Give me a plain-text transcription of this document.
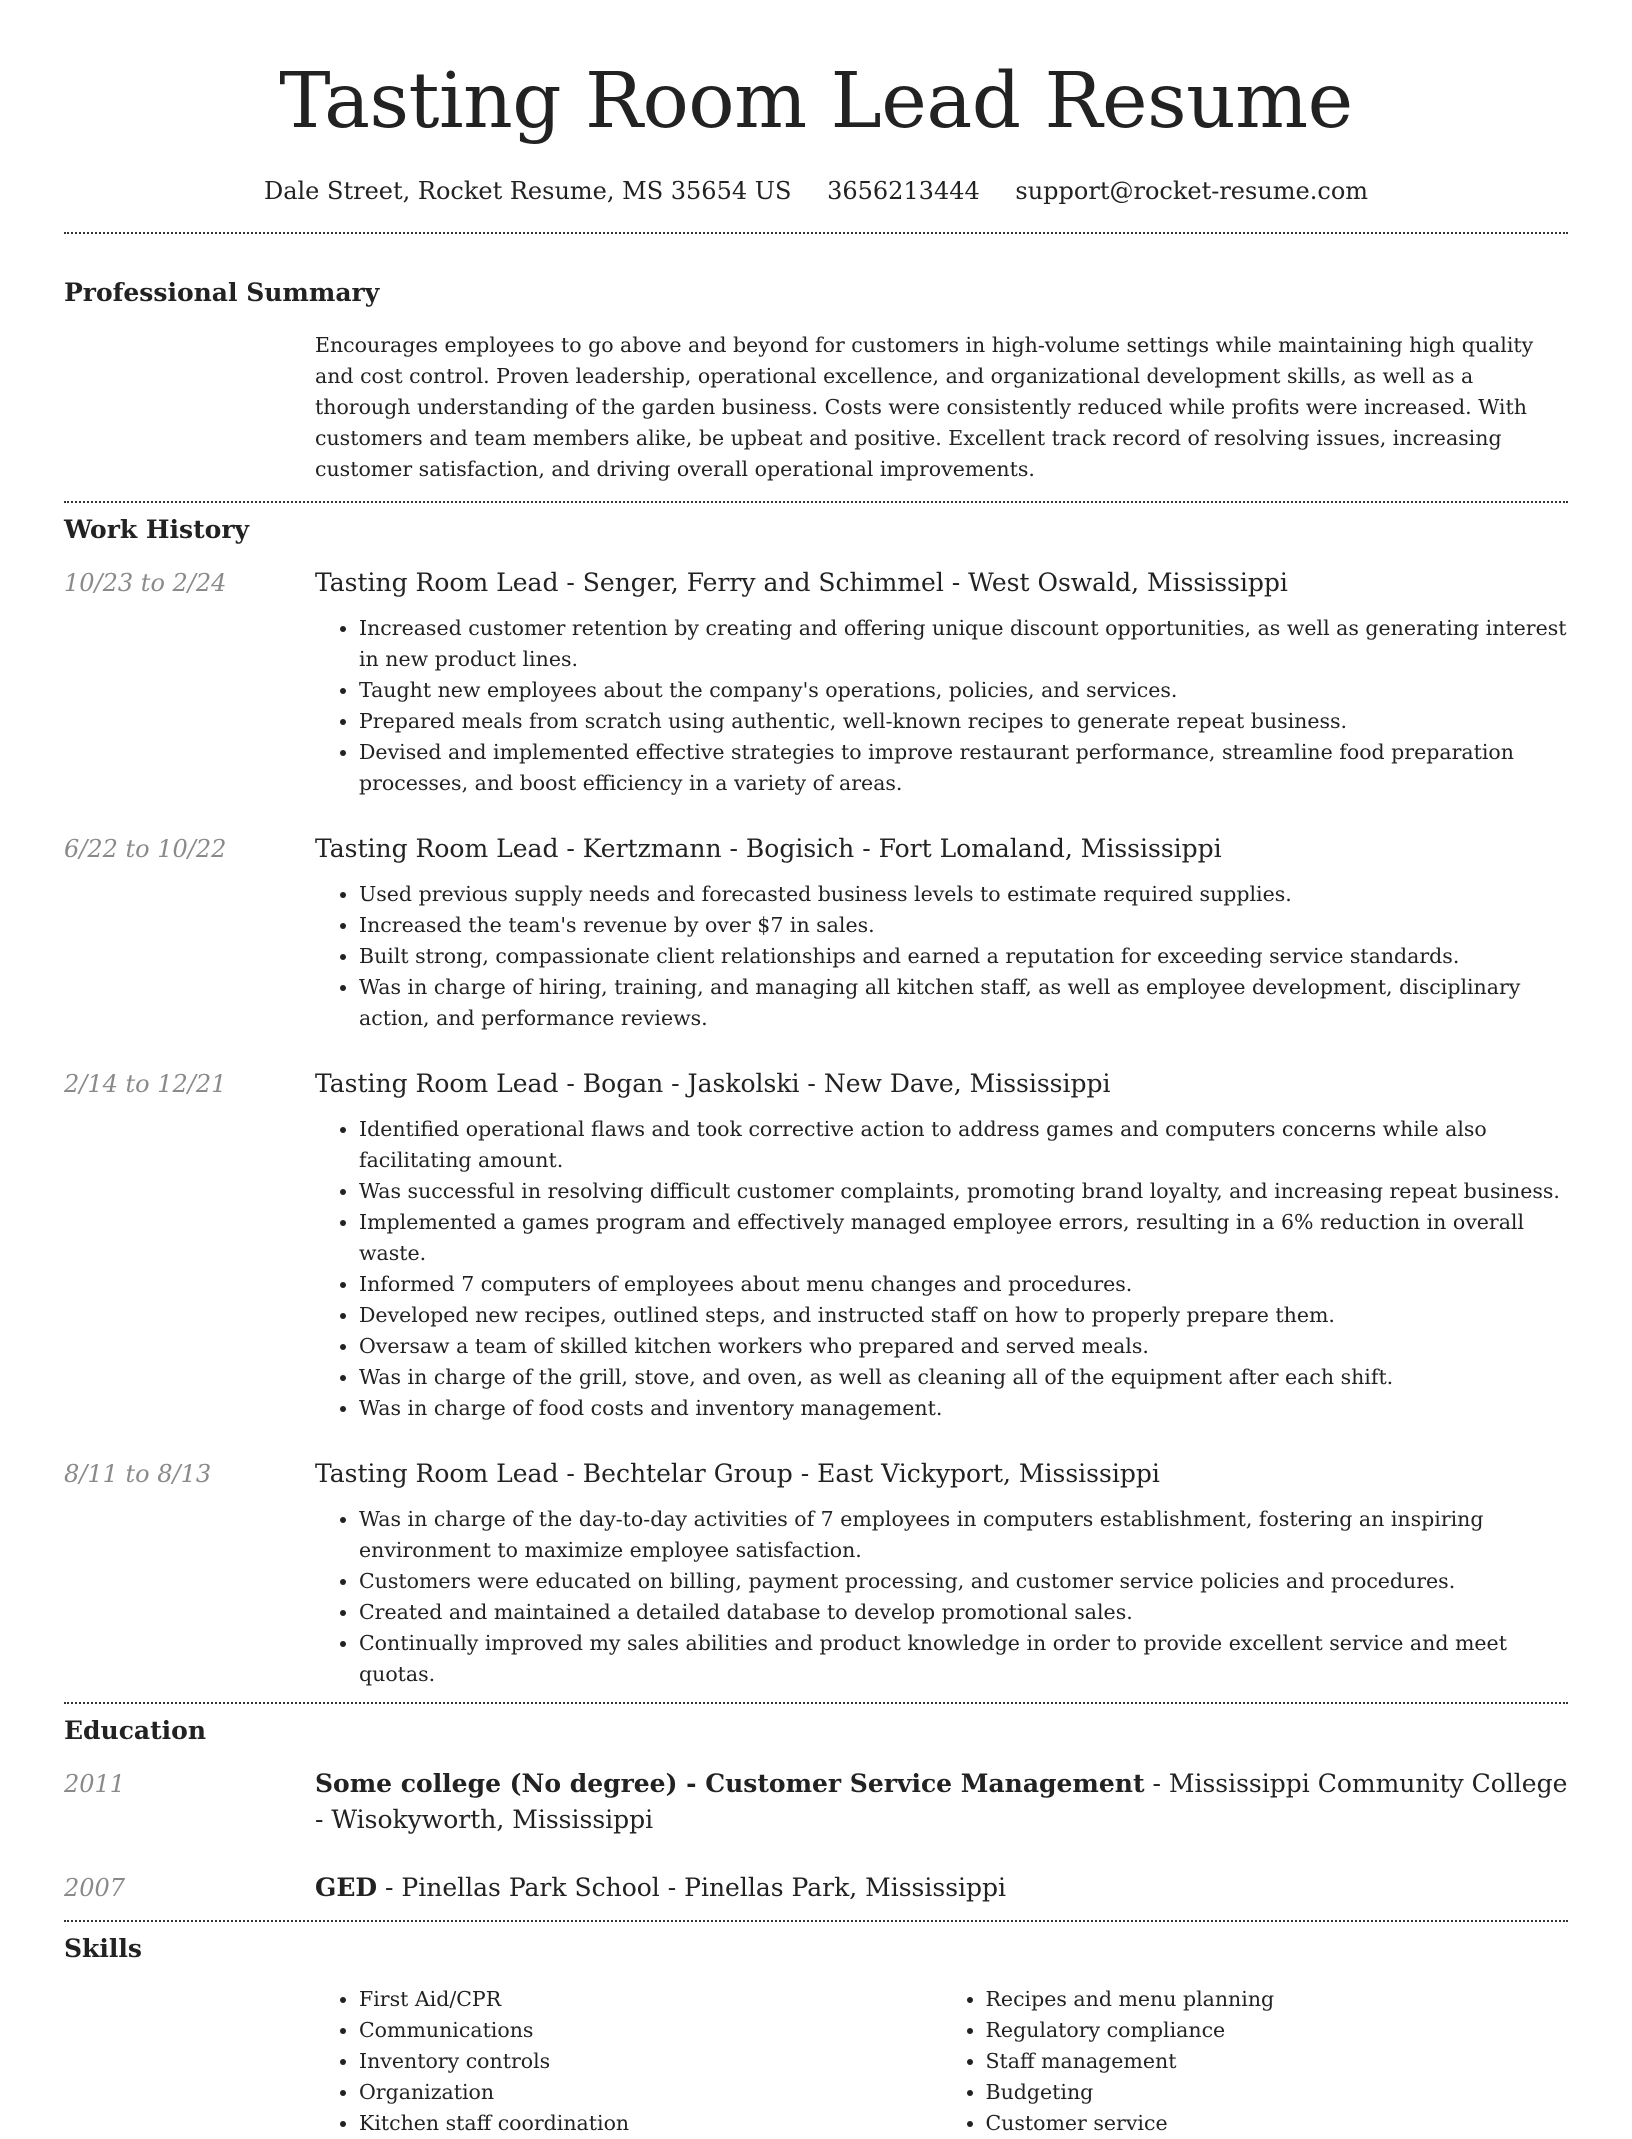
Tasting Room Lead Resume
Dale Street, Rocket Resume, MS 35654 US 3656213444 support@rocket-resume.com
Professional Summary

Encourages employees to go above and beyond for customers in high-volume settings while maintaining high quality and cost control. Proven leadership, operational excellence, and organizational development skills, as well as a thorough understanding of the garden business. Costs were consistently reduced while profits were increased. With customers and team members alike, be upbeat and positive. Excellent track record of resolving issues, increasing customer satisfaction, and driving overall operational improvements.

Work History
10/23 to 2/24	Tasting Room Lead - Senger, Ferry and Schimmel - West Oswald, Mississippi
• Increased customer retention by creating and offering unique discount opportunities, as well as generating interest in new product lines.
• Taught new employees about the company's operations, policies, and services.
• Prepared meals from scratch using authentic, well-known recipes to generate repeat business.
• Devised and implemented effective strategies to improve restaurant performance, streamline food preparation processes, and boost efficiency in a variety of areas.
6/22 to 10/22	Tasting Room Lead - Kertzmann - Bogisich - Fort Lomaland, Mississippi
• Used previous supply needs and forecasted business levels to estimate required supplies.
• Increased the team's revenue by over $7 in sales.
• Built strong, compassionate client relationships and earned a reputation for exceeding service standards.
• Was in charge of hiring, training, and managing all kitchen staff, as well as employee development, disciplinary action, and performance reviews.
2/14 to 12/21	Tasting Room Lead - Bogan - Jaskolski - New Dave, Mississippi
• Identified operational flaws and took corrective action to address games and computers concerns while also facilitating amount.
• Was successful in resolving difficult customer complaints, promoting brand loyalty, and increasing repeat business.
• Implemented a games program and effectively managed employee errors, resulting in a 6% reduction in overall waste.
• Informed 7 computers of employees about menu changes and procedures.
• Developed new recipes, outlined steps, and instructed staff on how to properly prepare them.
• Oversaw a team of skilled kitchen workers who prepared and served meals.
• Was in charge of the grill, stove, and oven, as well as cleaning all of the equipment after each shift.
• Was in charge of food costs and inventory management.
8/11 to 8/13	Tasting Room Lead - Bechtelar Group - East Vickyport, Mississippi
• Was in charge of the day-to-day activities of 7 employees in computers establishment, fostering an inspiring environment to maximize employee satisfaction.
• Customers were educated on billing, payment processing, and customer service policies and procedures.
• Created and maintained a detailed database to develop promotional sales.
• Continually improved my sales abilities and product knowledge in order to provide excellent service and meet quotas.
Education
2011	Some college (No degree) - Customer Service Management - Mississippi Community College - Wisokyworth, Mississippi
2007	GED - Pinellas Park School - Pinellas Park, Mississippi
Skills
• First Aid/CPR
• Communications
• Inventory controls
• Organization
• Kitchen staff coordination
• Recipes and menu planning
• Regulatory compliance
• Staff management
• Budgeting
• Customer service
